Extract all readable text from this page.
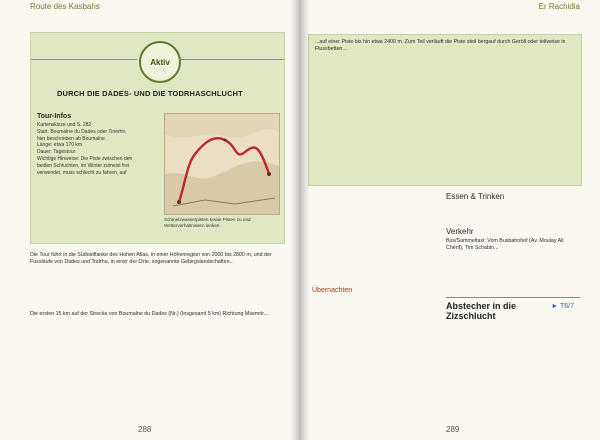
Route des Kasbahs
Aktiv
DURCH DIE DADES- UND DIE TODRHASCHLUCHT
Tour-Infos
Kartenskizze und S. 282
Start: Boumalne du Dades oder Tinerhir,
hier beschrieben ab Boumalne
Länge: etwa 170 km
Dauer: Tagestour
Wichtige Hinweise: Die Piste zwischen den
beiden Schluchten, im Winter zumeist frei
verwendet, muss schlecht zu fahren, auf
Schmelzwasserpisten sowie Pisten zu und Wetterverhältnissen lenken.
Die Tour führt in die Südostflanke des Hohen Atlas, in einer Höhenregion von 2000 bis 2800 m, und der Fussläufe von Dades und Todrha, in einer der Orte, sogenannte Gebirgslandschaften...
Die ersten 15 km auf der Strecke von Boumalne du Dades (Nr.) (Insgesamt 5 km) Richtung Msemrir...
288
Er Rachidia
...auf einer Piste bis hin etwa 2400 m. Zum Teil verläuft die Piste steil bergauf durch Geröll oder teilweise in Flussbetten...
Übernachten
Essen & Trinken
Verkehr
Bus/Sammeltaxi: Vom Busbahnhof (Av. Moulay Ali Chérif), Tim Schabin...
Abstecher in die Zizschlucht
► T6/7
289
